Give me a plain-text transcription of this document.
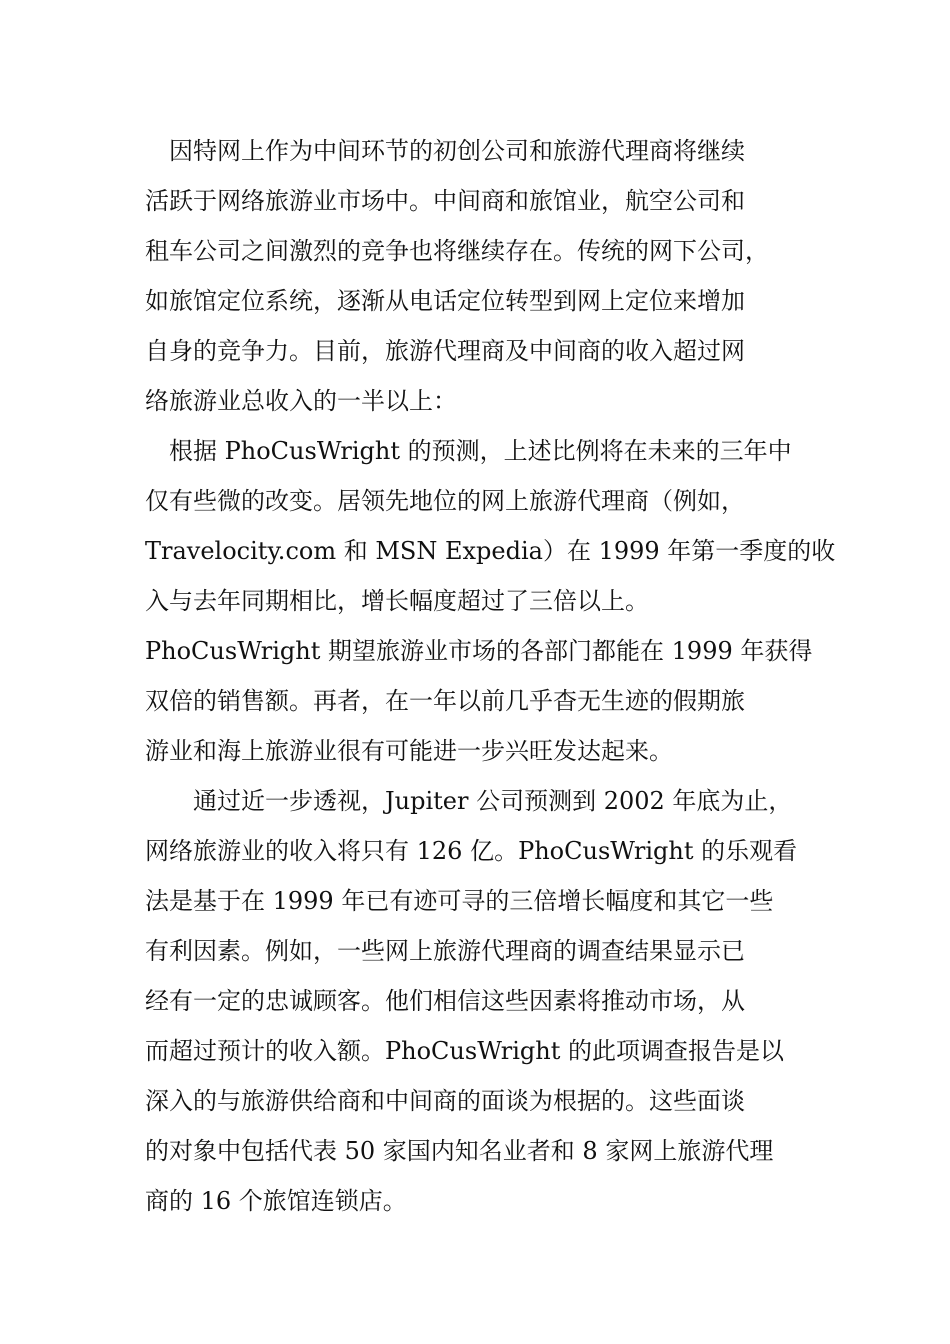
　因特网上作为中间环节的初创公司和旅游代理商将继续
活跃于网络旅游业市场中。中间商和旅馆业，航空公司和
租车公司之间激烈的竞争也将继续存在。传统的网下公司，
如旅馆定位系统，逐渐从电话定位转型到网上定位来增加
自身的竞争力。目前，旅游代理商及中间商的收入超过网
络旅游业总收入的一半以上：
　根据 PhoCusWright 的预测，上述比例将在未来的三年中
仅有些微的改变。居领先地位的网上旅游代理商（例如，
Travelocity.com 和 MSN Expedia）在 1999 年第一季度的收
入与去年同期相比，增长幅度超过了三倍以上。
PhoCusWright 期望旅游业市场的各部门都能在 1999 年获得
双倍的销售额。再者，在一年以前几乎杳无生迹的假期旅
游业和海上旅游业很有可能进一步兴旺发达起来。
　　通过近一步透视，Jupiter 公司预测到 2002 年底为止，
网络旅游业的收入将只有 126 亿。PhoCusWright 的乐观看
法是基于在 1999 年已有迹可寻的三倍增长幅度和其它一些
有利因素。例如，一些网上旅游代理商的调查结果显示已
经有一定的忠诚顾客。他们相信这些因素将推动市场，从
而超过预计的收入额。PhoCusWright 的此项调查报告是以
深入的与旅游供给商和中间商的面谈为根据的。这些面谈
的对象中包括代表 50 家国内知名业者和 8 家网上旅游代理
商的 16 个旅馆连锁店。
